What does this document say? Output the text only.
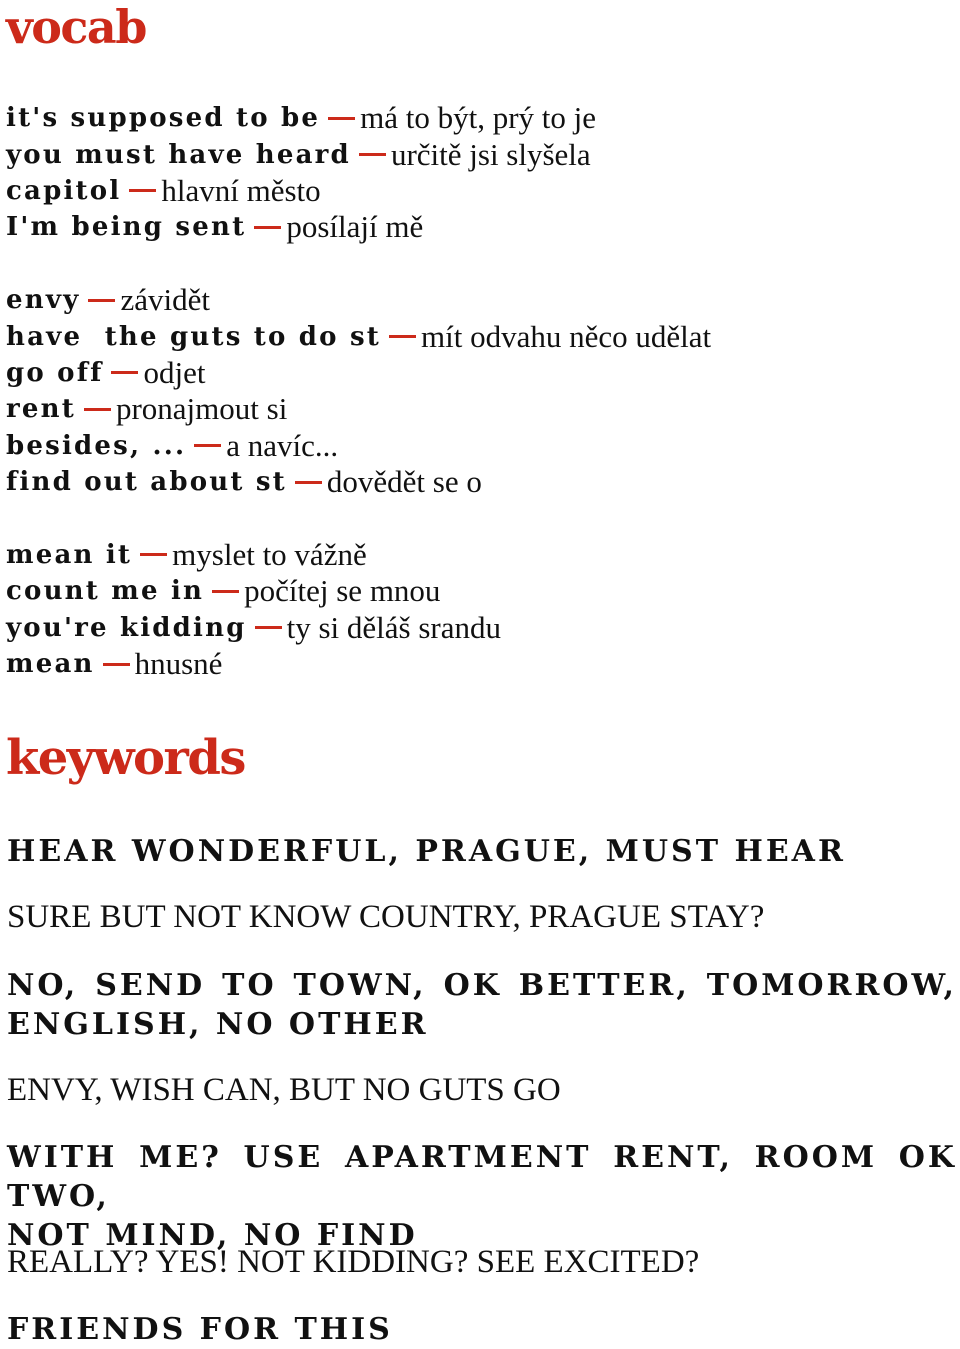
vocab
it's supposed to be má to být, prý to je
you must have heard určitě jsi slyšela
capitol hlavní město
I'm being sent posílají mě
envy závidět
have  the guts to do st mít odvahu něco udělat
go off odjet
rent pronajmout si
besides, ... a navíc...
find out about st dovědět se o
mean it myslet to vážně
count me in počítej se mnou
you're kidding ty si děláš srandu
mean hnusné
keywords

HEAR WONDERFUL, PRAGUE, MUST HEAR

SURE BUT NOT KNOW COUNTRY, PRAGUE STAY?

NO, SEND TO TOWN, OK BETTER, TOMORROW,
ENGLISH, NO OTHER

ENVY, WISH CAN, BUT NO GUTS GO

WITH ME? USE APARTMENT RENT, ROOM OK TWO,
NOT MIND, NO FIND

REALLY? YES! NOT KIDDING? SEE EXCITED?

FRIENDS FOR THIS
